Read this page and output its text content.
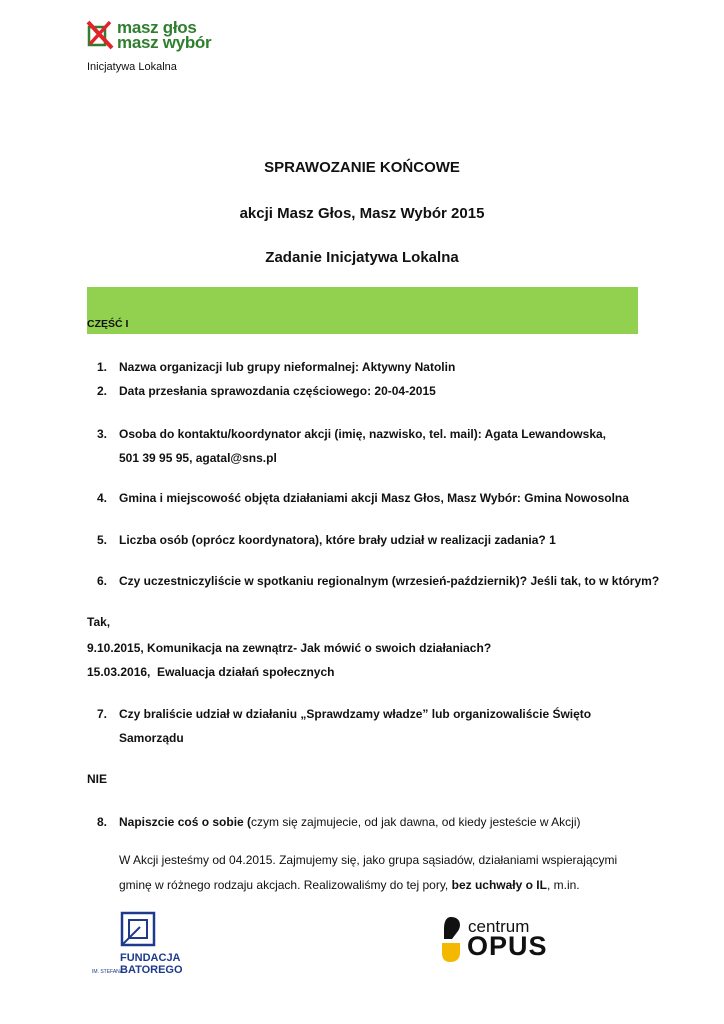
masz głos
masz wybór
Inicjatywa Lokalna
SPRAWOZANIE KOŃCOWE
akcji Masz Głos, Masz Wybór 2015
Zadanie Inicjatywa Lokalna
CZĘŚĆ I
1. Nazwa organizacji lub grupy nieformalnej: Aktywny Natolin
2. Data przesłania sprawozdania częściowego: 20-04-2015
3. Osoba do kontaktu/koordynator akcji (imię, nazwisko, tel. mail): Agata Lewandowska, 501 39 95 95, agatal@sns.pl
4. Gmina i miejscowość objęta działaniami akcji Masz Głos, Masz Wybór: Gmina Nowosolna
5. Liczba osób (oprócz koordynatora), które brały udział w realizacji zadania? 1
6. Czy uczestniczyliście w spotkaniu regionalnym (wrzesień-październik)? Jeśli tak, to w którym?
Tak,
9.10.2015, Komunikacja na zewnątrz- Jak mówić o swoich działaniach?
15.03.2016,  Ewaluacja działań społecznych
7. Czy braliście udział w działaniu „Sprawdzamy władze” lub organizowaliście Święto Samorządu
NIE
8. Napiszcie coś o sobie (czym się zajmujecie, od jak dawna, od kiedy jesteście w Akcji)
W Akcji jesteśmy od 04.2015. Zajmujemy się, jako grupa sąsiadów, działaniami wspierającymi gminę w różnego rodzaju akcjach. Realizowaliśmy do tej pory, bez uchwały o IL, m.in.
FUNDACJA
IM. STEFANA
BATOREGO
centrum
OPUS
